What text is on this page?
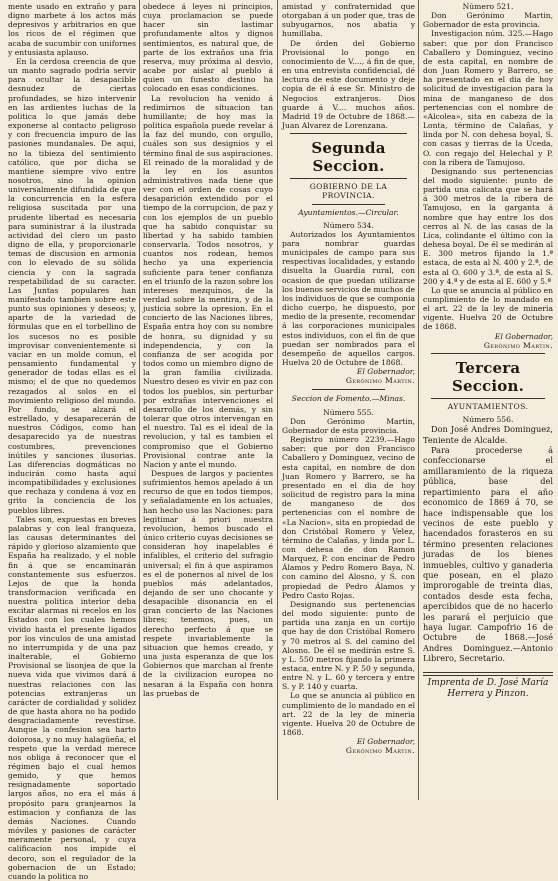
mente usado en extraño y para digno marbete á los actos más depresivos y arbitrarios en que los ricos de el régimen que acaba de sucumbir con unifornes y entusiasta aplauso.

En la cerdosa creencia de que un manto sagrado podria servir para ocultar la desapacible desnudez de ciertas profundades, se hizo intervenir en las ardientes luchas de la politica lo que jamás debe exponerse al contacto peligroso y con frecuencia impuro de las pasiones mundanales. De aqui, no la tibieza del sentimiento católico, que por dicha se mantiene siempre vivo entre nosotros, sino la opinion universalmente difundida de que la concurrencia en la esfera religiosa suscitada por una prudente libertad es necesaria para suministrar á la ilustrada actividad del clero un pasto digno de ella, y proporcionarle temas de discusion en armonia con lo elevado de su sólida ciencia y con la sagrada respetabilidad de su caracter. Las Juntas populares han manifestado tambien sobre este punto sus opiniones y deseos; y, aparte de la variedad de fórmulas que en el torbellino de los sucesos no es posible improvisar convenientemente si vaciar en un molde comun, el pensamiento fundamental y generador de todas ellas es el mismo; el de que no quedemos rezagados al solos en el movimiento religioso del mundo. Por fundo, se alzará el estrellado, y desaparecerán de nuestros Códigos, como han desaparecido ya de nuestras costumbres, prevenciones inútiles y sanciones ilusorias. Las diferencias dogmáticas no inducirán como hasta aquí incompatibilidades y exclusiones que rechaza y condena á voz en grito la conciencia de los pueblos libres.

Tales son, expuestas en breves palabras y con leal franqueza, las causas determinantes del rápido y glorioso alzamiento que España ha realizado, y el noble fin á que se encaminarán constantemente sus esfuerzos. Lejos de que la honda transformacion verificada en nuestra politica interior deba excitar alarmas ni recelos en los Estados con los cuales hemos vivido hasta el presente ligados por los vinculos de una amistad no interrumpida y de una paz inalterable, el Gobierno Provisional se lisonjea de que la nueva vida que vivimos dará á nuestras relaciones con las potencias extranjeras un carácter de cordialidad y solidez de que hasta ahora no ha podido desgraciadamente revestirse. Aunque la confesion sea harto dolorosa, y no muy halagüeña, el respeto que la verdad merece nos obliga á reconocer que el régimen bajo el cual hemos gemido, y que hemos resignadamente soportado largos años, no era el más á propósito para granjearnos la estimacion y confianza de las demás Naciones. Cuando móviles y pasiones de carácter meramente personal, y cuya calificacion nos impide el decoro, son el regulador de la gobernacion de un Estado; cuando la politica no

obedece á leyes ni principios, cuya proclamacion se puede hacer sin lastimar profundamente altos y dignos sentimientos, es natural que, de parte de los extraños una fria reserva, muy próxima al desvio, acabe por aislar al pueblo á quien un funesto destino ha colocado en esas condiciones.

La revolucion ha venido á redimirnos de situacion tan humillante; de hoy mas la politica española puede revelar á la faz del mundo, con orgullo, cuáles son sus designios y el término final de sus aspiraciones. El reinado de la moralidad y de la ley en los asuntos administrativos nada tiene que ver con el orden de cosas cuyo desaparición extendido por el tiempo de la corrupcion, de paz y con los ejemplos de un pueblo que ha sabido conquistar su libertad y ha sabido tambien conservarla. Todos nosotros, y cuantos nos rodean, hemos hecho ya una experiencia suficiente para tener confianza en el triunfo de la razon sobre los intereses mezquinos, de la verdad sobre la mentira, y de la justicia sobre la opresion. En el concierto de las Naciones libres, España entra hoy con su nombre de honra, su dignidad y su independencia, y con la confianza de ser acogida por todos como un miembro digno de la gran familia civilizada. Nuestro deseo es vivir en paz con todos los pueblos, sin perturbar por extrañas intervenciones el desarrollo de los demás, y sin tolerar que otros intervengan en el nuestro. Tal es el ideal de la revolucion, y tal es tambien el compromiso que el Gobierno Provisional contrae ante la Nacion y ante el mundo.

Despues de largos y pacientes sufrimientos hemos apelado á un recurso de que en todos tiempos, y señaladamente en los actuales, han hecho uso las Naciones: para legitimar á priori nuestra revolucion, hemos buscado el único criterio cuyas decisiones se consideran hoy inapelables é infalibles, el criterio del sufragio universal; el fin á que aspiramos es el de ponernos al nivel de los pueblos más adelantados, dejando de ser uno chocante y desapacible disonancia en el gran concierto de las Naciones libres; tenemos, pues, un derecho perfecto á que se respete invariablemente la situacion que hemos creado, y una justa esperanza de que los Gobiernos que marchan al frente de la civilizacion europea no nesaran á la España con honra las pruebas de

amistad y confraternidad que otorgaban á un poder que, tras de subyugarnos, nos abatia y humillaba.

De órden del Gobierno Provisional lo pongo en conocimiento de V...., á fin de que, en una entrevista confidencial, dé lectura de este documento y deje copia de él á ese Sr. Ministro de Negocios extranjeros. Dios guarde á V.... muchos años. Madrid 19 de Octubre de 1868.—Juan Alvarez de Lorenzana.

Segunda Seccion.

GOBIERNO DE LA PROVINCIA.

Ayuntamientos.—Circular.

Número 534.

Autorizados los Ayuntamientos para nombrar guardas municipales de campo para sus respectivas localidades, y estando disuelta la Guardia rural, con ocasion de que puedan utilizarse los buenos servicios de muchos de los individuos de que se componia dicho cuerpo, he dispuesto, por medio de la presente, recomendar á las corporaciones municipales estos individuos, con el fin de que puedan ser nombrados para el desempeño de aquellos cargos. Huelva 20 de Octubre de 1868.

El Gobernador,

Gerónimo Martin.

Seccion de Fomento.—Minas.

Número 555.

Don Gerónimo Martin, Gobernador de esta provincia.

Registro número 2239.—Hago saber: que por don Francisco Caballero y Dominguez, vecino de esta capital, en nombre de don Juan Romero y Barrero, se ha presentado en el dia de hoy solicitud de registro para la mina de manganeso de dos pertenencias con el nombre de «La Nacion», sita en propiedad de don Cristóbal Romero y Velez, término de Calañas, y linda por L. con dehesa de don Ramon Marquez, P. con encinar de Pedro Álamos y Pedro Romero Baya, N. con camino del Alosno, y S. con propiedad de Pedro Álamos y Pedro Casto Rojas.

Designando sus pertenencias del modo siguiente: punto de partida una zanja en un cortijo que hay de don Cristóbal Romero y 70 metros al S. del camino del Alosno. De él se medirán estre S. y L. 550 metros fijando la primera estaca, entre N. y P. 50 y segunda, entre N. y L. 60 y tercera y entre S. y P. 140 y cuarta.

Lo que se anuncia al público en cumplimiento de lo mandado en el art. 22 de la ley de mineria vigente. Huelva 20 de Octubre de 1868.

El Gobernador,

Gerónimo Martin.

Número 521.

Don Gerónimo Martin, Gobernador de esta provincia.

Investigacion núm. 325.—Hago saber: que por don Francisco Caballero y Dominguez, vecino de esta capital, en nombre de don Juan Romero y Barrero, se ha presentado en el dia de hoy solicitud de investigacion para la mina de manganeso de dos pertenencias con el nombre de «Alcolea», sita en cabeza de la Lonta, término de Calañas, y linda por N. con dehesa boyal, S. con casas y tierras de la Uceda, O. con regajo del Helechal y P. con la ribera de Tamujoso.

Designando sus pertenencias del modo siguiente: punto de partida una calicata que se hará á 300 metros de la ribera de Tamujoso, en la garganta á nombre que hay entre los dos cerros al N. de las casas de la Lica, colindante el último con la dehesa boyal. De él se medirán al E. 300 metros fijando la 1.ª estaca, de esta al N. 400 y 2.ª, de esta al O. 600 y 3.ª, de esta al S. 200 y 4.ª y de esta al E. 600 y 5.ª

Lo que se anuncia al público en cumplimiento de lo mandado en el art. 22 de la ley de mineria vigente. Huelva 20 de Octubre de 1868.

El Gobernador,

Gerónimo Martin.

Tercera Seccion.

AYUNTAMIENTOS.

Número 556.

Don José Andres Dominguez, Teniente de Alcalde.

Para procederse á confeccionarse el amillaramiento de la riqueza pública, base del repartimiento para el año economico de 1869 á 70, se hace indispensable que los vecinos de este pueblo y hacendados forasteros en su término presenten relaciones juradas de los bienes inmuebles, cultivo y ganaderia que posean, en el plazo improrogable de treinta dias, contados desde esta fecha, apercibidos que de no hacerlo les parará el perjuicio que haya lugar. Campofrio 16 de Octubre de 1868.—José Andres Dominguez.—Antonio Librero, Secretario.

Imprenta de D. José María

Herrera y Pinzon.
